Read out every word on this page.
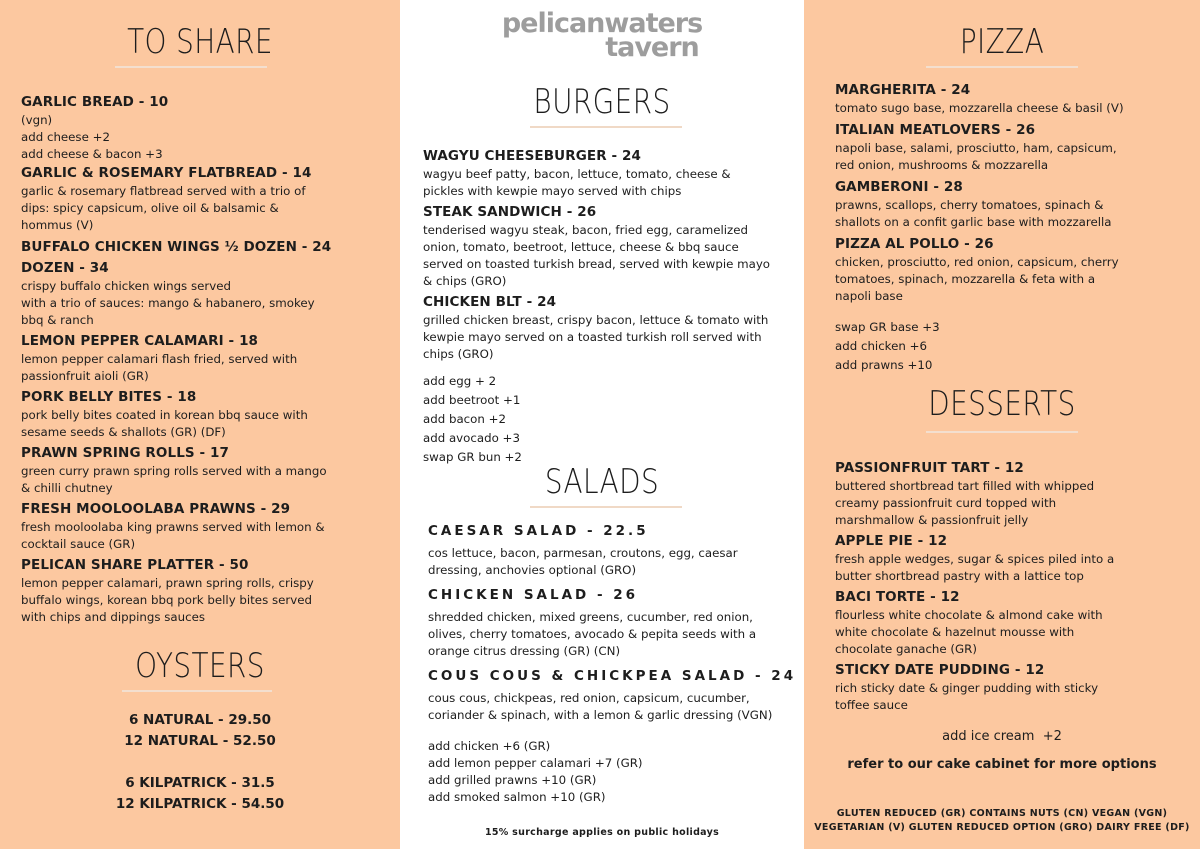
TO SHARE
GARLIC BREAD - 10
(vgn)
add cheese +2
add cheese & bacon +3
GARLIC & ROSEMARY FLATBREAD - 14
garlic & rosemary flatbread served with a trio of
dips: spicy capsicum, olive oil & balsamic &
hommus (V)
BUFFALO CHICKEN WINGS ½ DOZEN - 24
DOZEN - 34
crispy buffalo chicken wings served
with a trio of sauces: mango & habanero, smokey
bbq & ranch
LEMON PEPPER CALAMARI - 18
lemon pepper calamari flash fried, served with
passionfruit aioli (GR)
PORK BELLY BITES - 18
pork belly bites coated in korean bbq sauce with
sesame seeds & shallots (GR) (DF)
PRAWN SPRING ROLLS - 17
green curry prawn spring rolls served with a mango
& chilli chutney
FRESH MOOLOOLABA PRAWNS - 29
fresh mooloolaba king prawns served with lemon &
cocktail sauce (GR)
PELICAN SHARE PLATTER - 50
lemon pepper calamari, prawn spring rolls, crispy
buffalo wings, korean bbq pork belly bites served
with chips and dippings sauces
OYSTERS
6 NATURAL - 29.50
12 NATURAL - 52.50
6 KILPATRICK - 31.5
12 KILPATRICK - 54.50
pelicanwaters
tavern
BURGERS
WAGYU CHEESEBURGER - 24
wagyu beef patty, bacon, lettuce, tomato, cheese &
pickles with kewpie mayo served with chips
STEAK SANDWICH - 26
tenderised wagyu steak, bacon, fried egg, caramelized
onion, tomato, beetroot, lettuce, cheese & bbq sauce
served on toasted turkish bread, served with kewpie mayo
& chips (GRO)
CHICKEN BLT - 24
grilled chicken breast, crispy bacon, lettuce & tomato with
kewpie mayo served on a toasted turkish roll served with
chips (GRO)
add egg + 2
add beetroot +1
add bacon +2
add avocado +3
swap GR bun +2
SALADS
CAESAR SALAD - 22.5
cos lettuce, bacon, parmesan, croutons, egg, caesar
dressing, anchovies optional (GRO)
CHICKEN SALAD - 26
shredded chicken, mixed greens, cucumber, red onion,
olives, cherry tomatoes, avocado & pepita seeds with a
orange citrus dressing (GR) (CN)
COUS COUS & CHICKPEA SALAD - 24
cous cous, chickpeas, red onion, capsicum, cucumber,
coriander & spinach, with a lemon & garlic dressing (VGN)
add chicken +6 (GR)
add lemon pepper calamari +7 (GR)
add grilled prawns +10 (GR)
add smoked salmon +10 (GR)
15% surcharge applies on public holidays
PIZZA
MARGHERITA - 24
tomato sugo base, mozzarella cheese & basil (V)
ITALIAN MEATLOVERS - 26
napoli base, salami, prosciutto, ham, capsicum,
red onion, mushrooms & mozzarella
GAMBERONI - 28
prawns, scallops, cherry tomatoes, spinach &
shallots on a confit garlic base with mozzarella
PIZZA AL POLLO - 26
chicken, prosciutto, red onion, capsicum, cherry
tomatoes, spinach, mozzarella & feta with a
napoli base
swap GR base +3
add chicken +6
add prawns +10
DESSERTS
PASSIONFRUIT TART - 12
buttered shortbread tart filled with whipped
creamy passionfruit curd topped with
marshmallow & passionfruit jelly
APPLE PIE - 12
fresh apple wedges, sugar & spices piled into a
butter shortbread pastry with a lattice top
BACI TORTE - 12
flourless white chocolate & almond cake with
white chocolate & hazelnut mousse with
chocolate ganache (GR)
STICKY DATE PUDDING - 12
rich sticky date & ginger pudding with sticky
toffee sauce
add ice cream  +2
refer to our cake cabinet for more options
GLUTEN REDUCED (GR) CONTAINS NUTS (CN) VEGAN (VGN)
VEGETARIAN (V) GLUTEN REDUCED OPTION (GRO) DAIRY FREE (DF)
